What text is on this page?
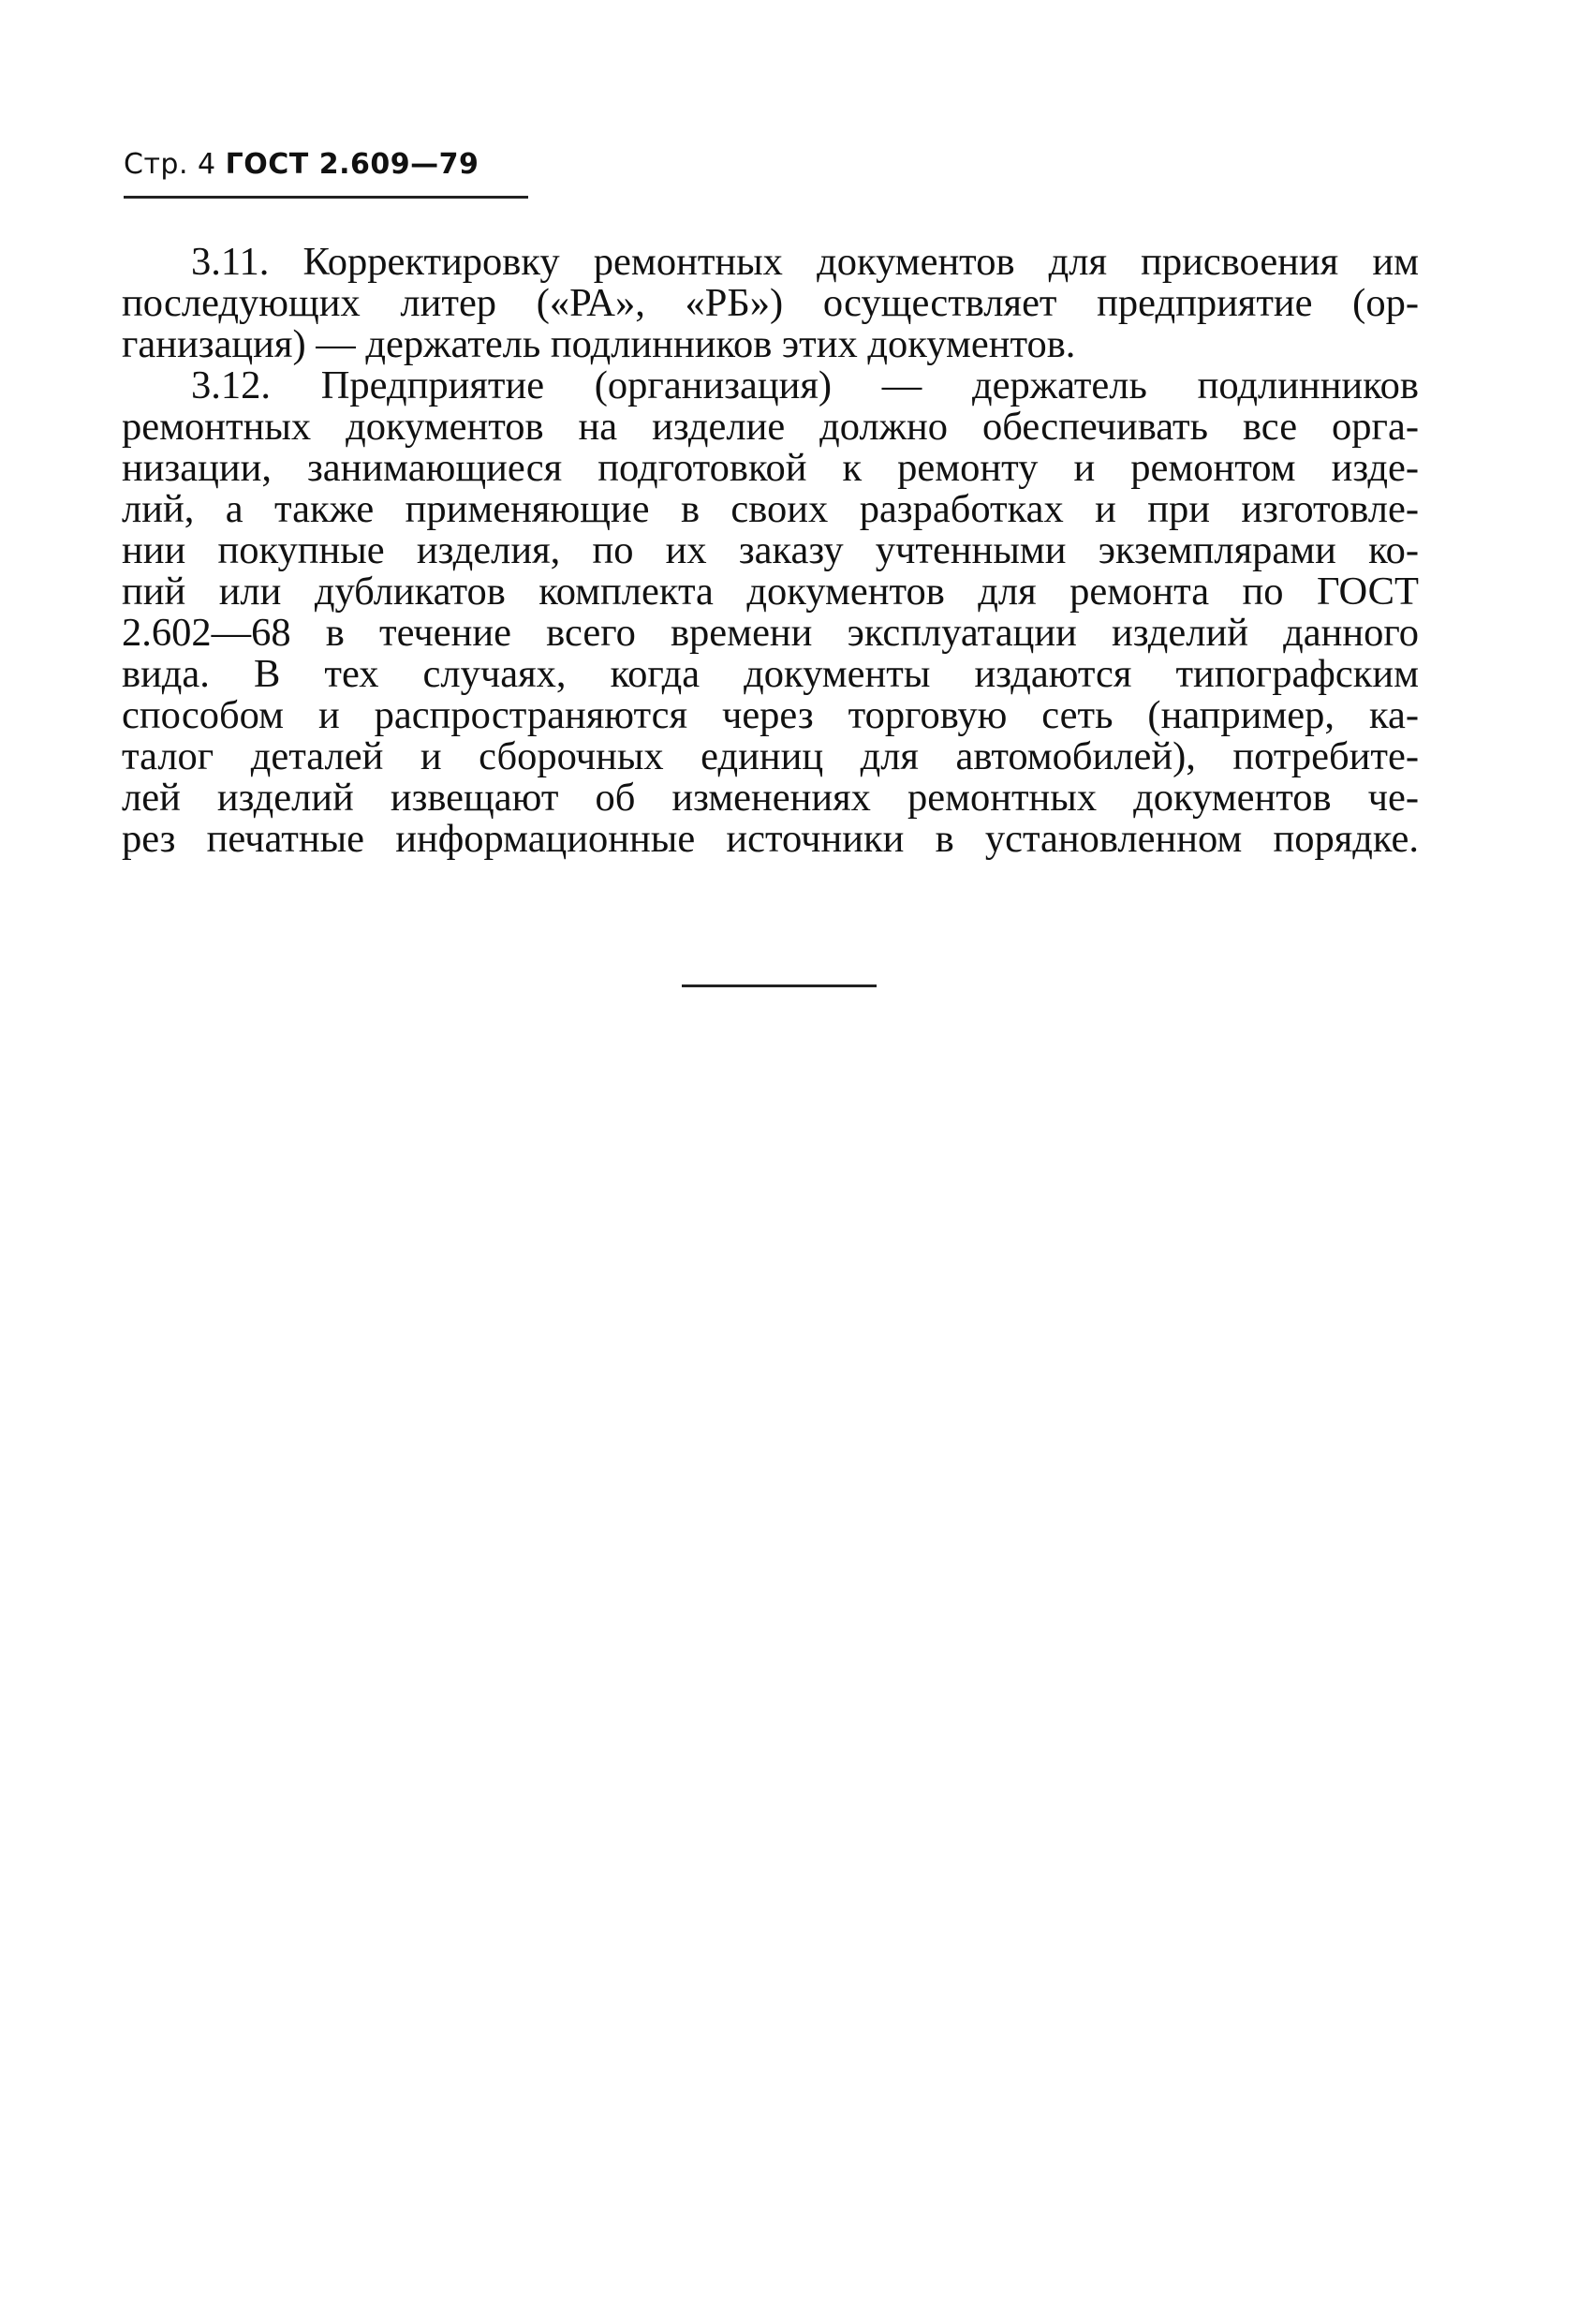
Стр. 4 ГОСТ 2.609—79
3.11. Корректировку ремонтных документов для присвоения им
последующих литер («РА», «РБ») осуществляет предприятие (ор-
ганизация) — держатель подлинников этих документов.
3.12. Предприятие (организация) — держатель подлинников
ремонтных документов на изделие должно обеспечивать все орга-
низации, занимающиеся подготовкой к ремонту и ремонтом изде-
лий, а также применяющие в своих разработках и при изготовле-
нии покупные изделия, по их заказу учтенными экземплярами ко-
пий или дубликатов комплекта документов для ремонта по ГОСТ
2.602—68 в течение всего времени эксплуатации изделий данного
вида. В тех случаях, когда документы издаются типографским
способом и распространяются через торговую сеть (например, ка-
талог деталей и сборочных единиц для автомобилей), потребите-
лей изделий извещают об изменениях ремонтных документов че-
рез печатные информационные источники в установленном порядке.
